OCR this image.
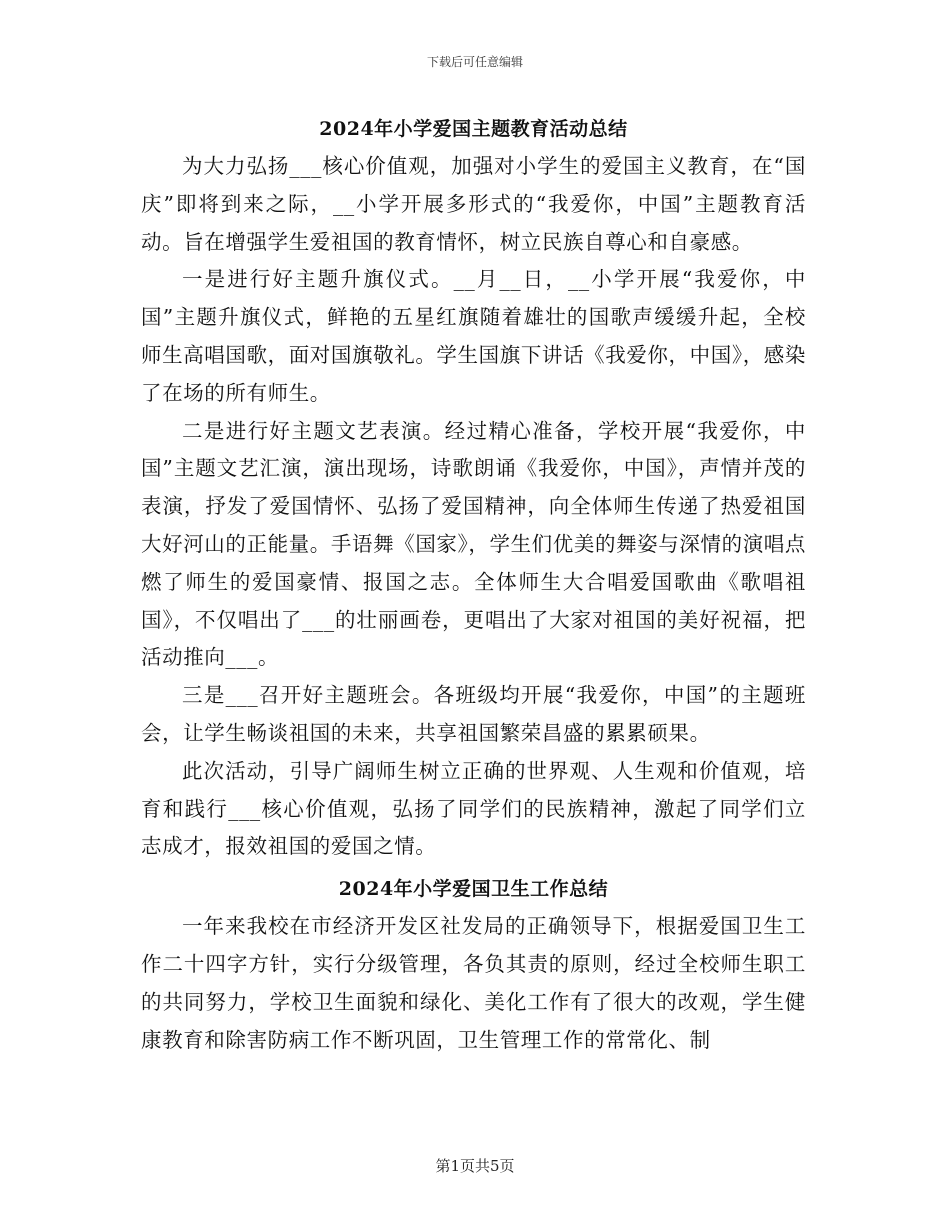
下载后可任意编辑
2024年小学爱国主题教育活动总结

为大力弘扬___核心价值观，加强对小学生的爱国主义教育，在“国庆”即将到来之际，__小学开展多形式的“我爱你，中国”主题教育活动。旨在增强学生爱祖国的教育情怀，树立民族自尊心和自豪感。

一是进行好主题升旗仪式。__月__日，__小学开展“我爱你，中国”主题升旗仪式，鲜艳的五星红旗随着雄壮的国歌声缓缓升起，全校师生高唱国歌，面对国旗敬礼。学生国旗下讲话《我爱你，中国》，感染了在场的所有师生。

二是进行好主题文艺表演。经过精心准备，学校开展“我爱你，中国”主题文艺汇演，演出现场，诗歌朗诵《我爱你，中国》，声情并茂的表演，抒发了爱国情怀、弘扬了爱国精神，向全体师生传递了热爱祖国大好河山的正能量。手语舞《国家》，学生们优美的舞姿与深情的演唱点燃了师生的爱国豪情、报国之志。全体师生大合唱爱国歌曲《歌唱祖国》，不仅唱出了___的壮丽画卷，更唱出了大家对祖国的美好祝福，把活动推向___。

三是___召开好主题班会。各班级均开展“我爱你，中国”的主题班会，让学生畅谈祖国的未来，共享祖国繁荣昌盛的累累硕果。

此次活动，引导广阔师生树立正确的世界观、人生观和价值观，培育和践行___核心价值观，弘扬了同学们的民族精神，激起了同学们立志成才，报效祖国的爱国之情。

2024年小学爱国卫生工作总结

一年来我校在市经济开发区社发局的正确领导下，根据爱国卫生工作二十四字方针，实行分级管理，各负其责的原则，经过全校师生职工的共同努力，学校卫生面貌和绿化、美化工作有了很大的改观，学生健康教育和除害防病工作不断巩固，卫生管理工作的常常化、制

第1页共5页
